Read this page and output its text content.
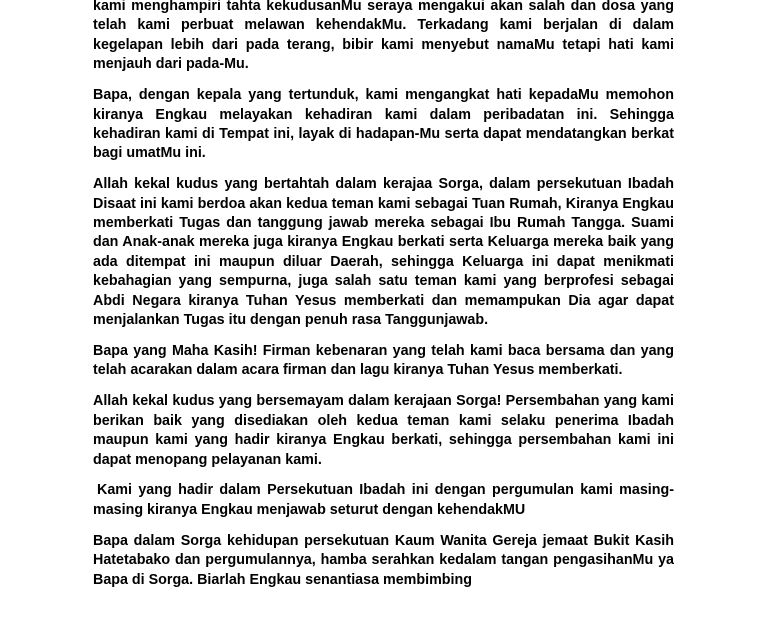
kami menghampiri tahta kekudusanMu seraya mengakui akan salah dan dosa yang telah kami perbuat melawan kehendakMu. Terkadang kami berjalan di dalam kegelapan lebih dari pada terang, bibir kami menyebut namaMu tetapi hati kami menjauh dari pada-Mu.

Bapa, dengan kepala yang tertunduk, kami mengangkat hati kepadaMu memohon kiranya Engkau melayakan kehadiran kami dalam peribadatan ini. Sehingga kehadiran kami di Tempat ini, layak di hadapan-Mu serta dapat mendatangkan berkat bagi umatMu ini.

Allah kekal kudus yang bertahtah dalam kerajaa Sorga, dalam persekutuan Ibadah Disaat ini kami berdoa akan kedua teman kami sebagai Tuan Rumah, Kiranya Engkau memberkati Tugas dan tanggung jawab mereka sebagai Ibu Rumah Tangga. Suami dan Anak-anak mereka juga kiranya Engkau berkati serta Keluarga mereka baik yang ada ditempat ini maupun diluar Daerah, sehingga Keluarga ini dapat menikmati kebahagian yang sempurna, juga salah satu teman kami yang berprofesi sebagai Abdi Negara kiranya Tuhan Yesus memberkati dan memampukan Dia agar dapat menjalankan Tugas itu dengan penuh rasa Tanggunjawab.

Bapa yang Maha Kasih! Firman kebenaran yang telah kami baca bersama dan yang telah acarakan dalam acara firman dan lagu kiranya Tuhan Yesus memberkati.

Allah kekal kudus yang bersemayam dalam kerajaan Sorga! Persembahan yang kami berikan baik yang disediakan oleh kedua teman kami selaku penerima Ibadah maupun kami yang hadir kiranya Engkau berkati, sehingga persembahan kami ini dapat menopang pelayanan kami.

Kami yang hadir dalam Persekutuan Ibadah ini dengan pergumulan kami masing-masing kiranya Engkau menjawab seturut dengan kehendakMU

Bapa dalam Sorga kehidupan persekutuan Kaum Wanita Gereja jemaat Bukit Kasih Hatetabako dan pergumulannya, hamba serahkan kedalam tangan pengasihanMu ya Bapa di Sorga. Biarlah Engkau senantiasa membimbing
